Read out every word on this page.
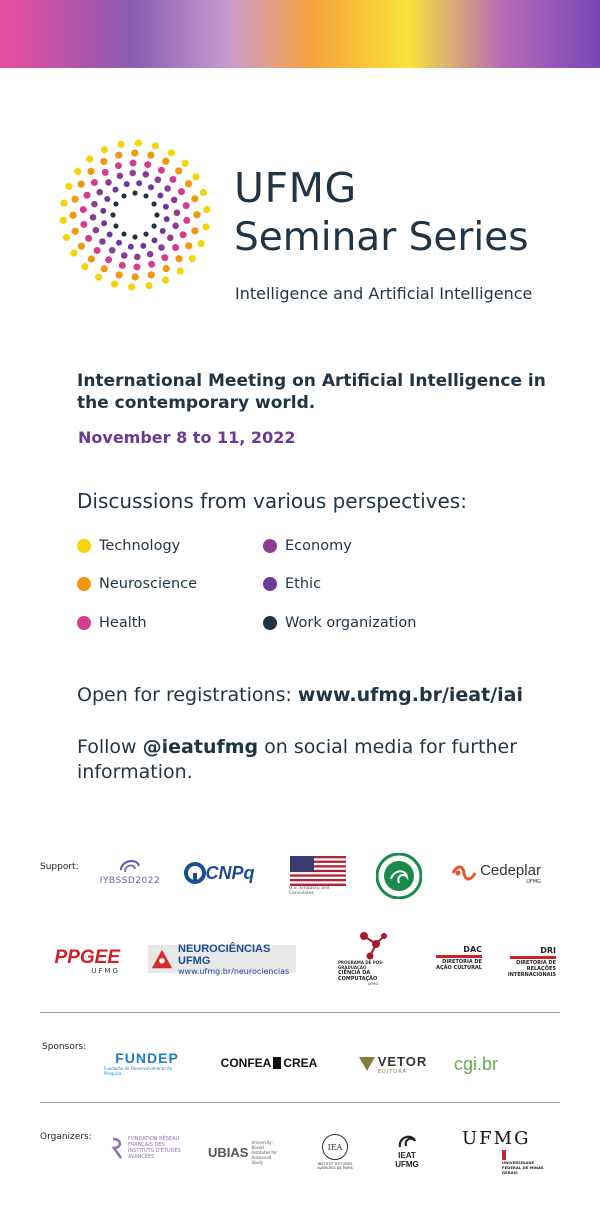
UFMG
Seminar Series
Intelligence and Artificial Intelligence
International Meeting on Artificial Intelligence in the contemporary world.
November 8 to 11, 2022
Discussions from various perspectives:
Technology	Economy
Neuroscience	Ethic
Health	Work organization
Open for registrations: www.ufmg.br/ieat/iai
Follow @ieatufmg on social media for further information.
Support:
IYBSSD2022	CNPq
U.S. Embassy and Consulates
Cedeplar
UFMG
PPGEE
UFMG
NEUROCIÊNCIAS UFMG
www.ufmg.br/neurociencias
PROGRAMA DE PÓS-GRADUAÇÃO
CIÊNCIA DA COMPUTAÇÃO
UFMG
DAC
DIRETORIA DE AÇÃO CULTURAL
DRI
DIRETORIA DE RELAÇÕES INTERNACIONAIS
Sponsors:
FUNDEP
Fundação de Desenvolvimento da Pesquisa
CONFEA CREA	VETOR
EDITORA	cgi.br
Organizers:	FONDATION RÉSEAU FRANÇAIS DES INSTITUTS D'ÉTUDES AVANCÉES	UBIAS
University-Based Institutes for Advanced Study
IEA
INSTITUT D'ÉTUDES AVANCÉES DE PARIS
IEAT
UFMG
UFMG
UNIVERSIDADE FEDERAL DE MINAS GERAIS
